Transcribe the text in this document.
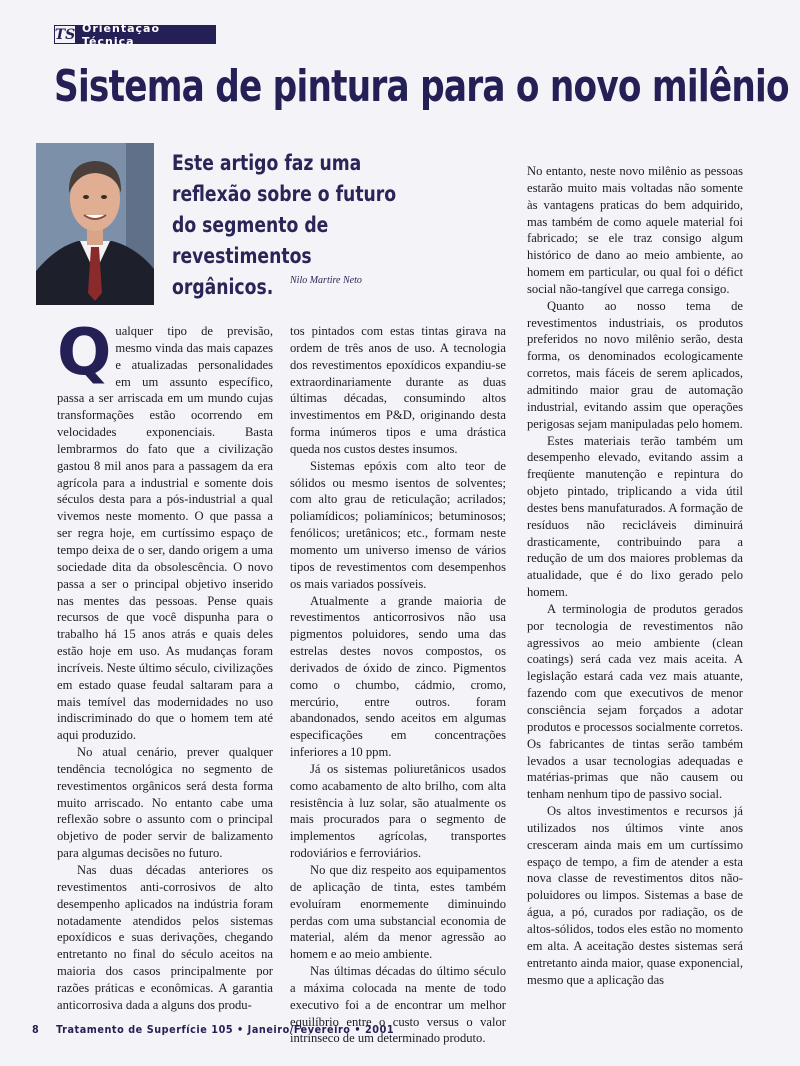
TS Orientação Técnica
Sistema de pintura para o novo milênio
Este artigo faz uma reflexão sobre o futuro do segmento de revestimentos orgânicos.	Nilo Martire Neto
Q ualquer tipo de previsão, mesmo vinda das mais capazes e atualizadas personalidades em um assunto específico, passa a ser arriscada em um mundo cujas transformações estão ocorrendo em velocidades exponenciais. Basta lembrarmos do fato que a civilização gastou 8 mil anos para a passagem da era agrícola para a industrial e somente dois séculos desta para a pós-industrial a qual vivemos neste momento. O que passa a ser regra hoje, em curtíssimo espaço de tempo deixa de o ser, dando origem a uma sociedade dita da obsolescência. O novo passa a ser o principal objetivo inserido nas mentes das pessoas. Pense quais recursos de que você dispunha para o trabalho há 15 anos atrás e quais deles estão hoje em uso. As mudanças foram incríveis. Neste último século, civilizações em estado quase feudal saltaram para a mais temível das modernidades no uso indiscriminado do que o homem tem até aqui produzido.

No atual cenário, prever qualquer tendência tecnológica no segmento de revestimentos orgânicos será desta forma muito arriscado. No entanto cabe uma reflexão sobre o assunto com o principal objetivo de poder servir de balizamento para algumas decisões no futuro.

Nas duas décadas anteriores os revestimentos anti-corrosivos de alto desempenho aplicados na indústria foram notadamente atendidos pelos sistemas epoxídicos e suas derivações, chegando entretanto no final do século aceitos na maioria dos casos principalmente por razões práticas e econômicas. A garantia anticorrosiva dada a alguns dos produ-

tos pintados com estas tintas girava na ordem de três anos de uso. A tecnologia dos revestimentos epoxídicos expandiu-se extraordinariamente durante as duas últimas décadas, consumindo altos investimentos em P&D, originando desta forma inúmeros tipos e uma drástica queda nos custos destes insumos.

Sistemas epóxis com alto teor de sólidos ou mesmo isentos de solventes; com alto grau de reticulação; acrilados; poliamídicos; poliamínicos; betuminosos; fenólicos; uretânicos; etc., formam neste momento um universo imenso de vários tipos de revestimentos com desempenhos os mais variados possíveis.

Atualmente a grande maioria de revestimentos anticorrosivos não usa pigmentos poluidores, sendo uma das estrelas destes novos compostos, os derivados de óxido de zinco. Pigmentos como o chumbo, cádmio, cromo, mercúrio, entre outros. foram abandonados, sendo aceitos em algumas especificações em concentrações inferiores a 10 ppm.

Já os sistemas poliuretânicos usados como acabamento de alto brilho, com alta resistência à luz solar, são atualmente os mais procurados para o segmento de implementos agrícolas, transportes rodoviários e ferroviários.

No que diz respeito aos equipamentos de aplicação de tinta, estes também evoluíram enormemente diminuindo perdas com uma substancial economia de material, além da menor agressão ao homem e ao meio ambiente.

Nas últimas décadas do último século a máxima colocada na mente de todo executivo foi a de encontrar um melhor equilíbrio entre o custo versus o valor intrínseco de um determinado produto.

No entanto, neste novo milênio as pessoas estarão muito mais voltadas não somente às vantagens praticas do bem adquirido, mas também de como aquele material foi fabricado; se ele traz consigo algum histórico de dano ao meio ambiente, ao homem em particular, ou qual foi o défict social não-tangível que carrega consigo.

Quanto ao nosso tema de revestimentos industriais, os produtos preferidos no novo milênio serão, desta forma, os denominados ecologicamente corretos, mais fáceis de serem aplicados, admitindo maior grau de automação industrial, evitando assim que operações perigosas sejam manipuladas pelo homem.

Estes materiais terão também um desempenho elevado, evitando assim a freqüente manutenção e repintura do objeto pintado, triplicando a vida útil destes bens manufaturados. A formação de resíduos não recicláveis diminuirá drasticamente, contribuindo para a redução de um dos maiores problemas da atualidade, que é do lixo gerado pelo homem.

A terminologia de produtos gerados por tecnologia de revestimentos não agressivos ao meio ambiente (clean coatings) será cada vez mais aceita. A legislação estará cada vez mais atuante, fazendo com que executivos de menor consciência sejam forçados a adotar produtos e processos socialmente corretos. Os fabricantes de tintas serão também levados a usar tecnologias adequadas e matérias-primas que não causem ou tenham nenhum tipo de passivo social.

Os altos investimentos e recursos já utilizados nos últimos vinte anos cresceram ainda mais em um curtíssimo espaço de tempo, a fim de atender a esta nova classe de revestimentos ditos não-poluidores ou limpos. Sistemas a base de água, a pó, curados por radiação, os de altos-sólidos, todos eles estão no momento em alta. A aceitação destes sistemas será entretanto ainda maior, quase exponencial, mesmo que a aplicação das

8 Tratamento de Superfície 105 • Janeiro/Fevereiro • 2001
